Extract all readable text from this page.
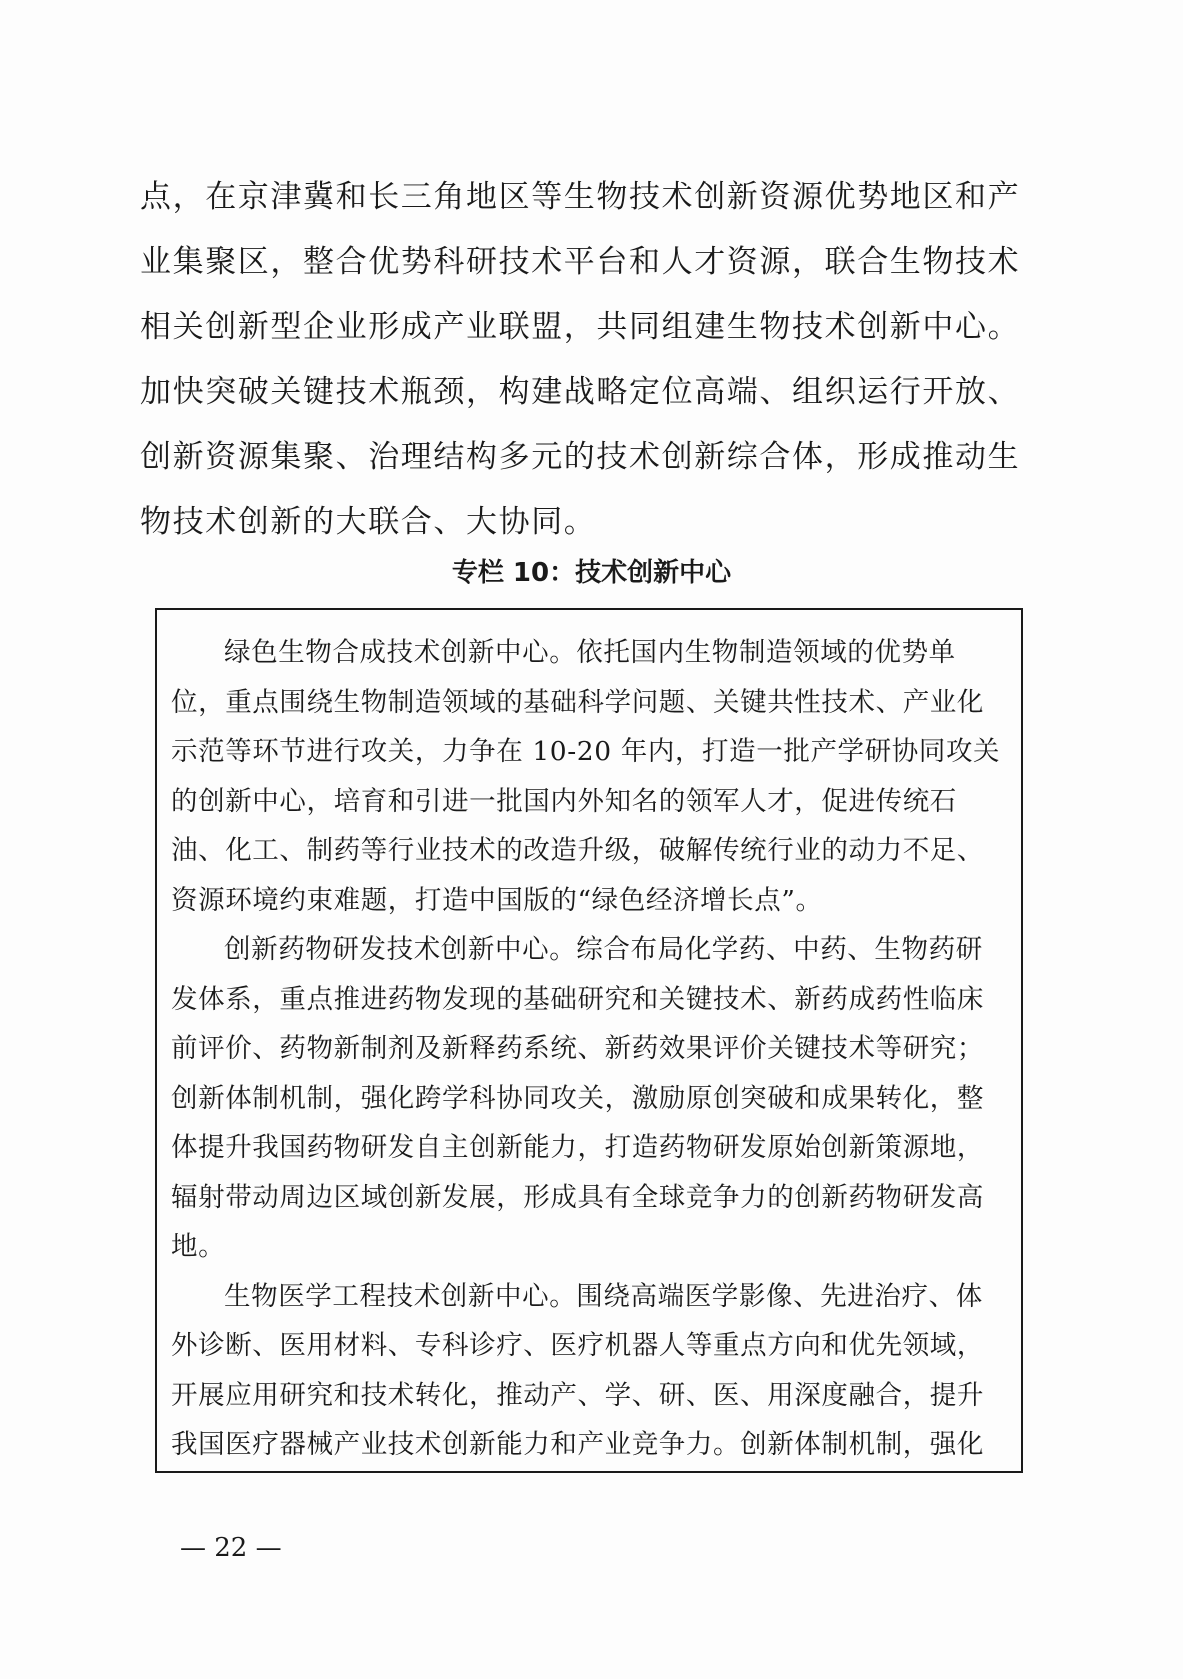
点，在京津冀和长三角地区等生物技术创新资源优势地区和产业集聚区，整合优势科研技术平台和人才资源，联合生物技术相关创新型企业形成产业联盟，共同组建生物技术创新中心。加快突破关键技术瓶颈，构建战略定位高端、组织运行开放、创新资源集聚、治理结构多元的技术创新综合体，形成推动生物技术创新的大联合、大协同。

专栏 10：技术创新中心

绿色生物合成技术创新中心。依托国内生物制造领域的优势单位，重点围绕生物制造领域的基础科学问题、关键共性技术、产业化示范等环节进行攻关，力争在 10-20 年内，打造一批产学研协同攻关的创新中心，培育和引进一批国内外知名的领军人才，促进传统石油、化工、制药等行业技术的改造升级，破解传统行业的动力不足、资源环境约束难题，打造中国版的“绿色经济增长点”。

创新药物研发技术创新中心。综合布局化学药、中药、生物药研发体系，重点推进药物发现的基础研究和关键技术、新药成药性临床前评价、药物新制剂及新释药系统、新药效果评价关键技术等研究；创新体制机制，强化跨学科协同攻关，激励原创突破和成果转化，整体提升我国药物研发自主创新能力，打造药物研发原始创新策源地，辐射带动周边区域创新发展，形成具有全球竞争力的创新药物研发高地。

生物医学工程技术创新中心。围绕高端医学影像、先进治疗、体外诊断、医用材料、专科诊疗、医疗机器人等重点方向和优先领域，开展应用研究和技术转化，推动产、学、研、医、用深度融合，提升我国医疗器械产业技术创新能力和产业竞争力。创新体制机制，强化

— 22 —
